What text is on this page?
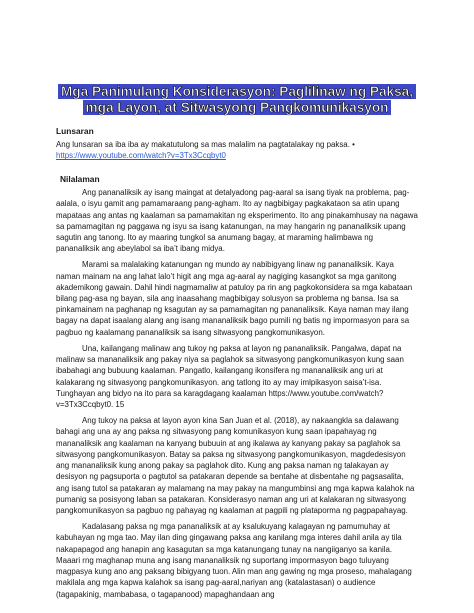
Mga Panimulang Konsiderasyon: Paglilinaw ng Paksa, mga Layon, at Sitwasyong Pangkomunikasyon
Lunsaran

Ang lunsaran sa iba iba ay makatutulong sa mas malalim na pagtatalakay ng paksa. •

https://www.youtube.com/watch?v=3Tx3Ccqbyt0
Nilalaman

Ang pananaliksik ay isang maingat at detalyadong pag-aaral sa isang tiyak na problema, pag-aalala, o isyu gamit ang pamamaraang pang-agham. Ito ay nagbibigay pagkakataon sa atin upang mapataas ang antas ng kaalaman sa pamamakitan ng eksperimento. Ito ang pinakamhusay na nagawa sa pamamagitan ng paggawa ng isyu sa isang katanungan, na may hangarin ng pananaliksik upang sagutin ang tanong. Ito ay maaring tungkol sa anumang bagay, at maraming halimbawa ng pananaliksik ang abeylabol sa iba’t ibang midya.

Marami sa malalaking katanungan ng mundo ay nabibigyang linaw ng pananaliksik. Kaya naman mainam na ang lahat lalo’t higit ang mga ag-aaral ay nagiging kasangkot sa mga ganitong akademikong gawain. Dahil hindi nagmamaliw at patuloy pa rin ang pagkokonsidera sa mga kabataan bilang pag-asa ng bayan, sila ang inaasahang magbibigay solusyon sa problema ng bansa. Isa sa pinkamainam na paghanap ng ksagutan ay sa pamamagitan ng pananaliksik. Kaya naman may ilang bagay na dapat isaalang alang ang isang mananaliksik bago pumili ng batis ng impormasyon para sa pagbuo ng kaalamang pananaliksik sa isang sitwasyong pangkomunikasyon.

Una, kailangang malinaw ang tukoy ng paksa at layon ng pananaliksik. Pangalwa, dapat na malinaw sa mananaliksik ang pakay niya sa paglahok sa sitwasyong pangkomunikasyon kung saan ibabahagi ang bubuung kaalaman. Pangatlo, kailangang ikonsifera ng mananaliksik ang uri at kalakarang ng sitwasyong pangkomunikasyon. ang tatlong ito ay may imlpikasyon saisa’t-isa. Tunghayan ang bidyo na ito para sa karagdagang kaalaman https://www.youtube.com/watch?v=3Tx3Ccqbyt0. 15

Ang tukoy na paksa at layon ayon kina San Juan et al. (2018), ay nakaangkla sa dalawang bahagi ang una ay ang paksa ng sitwasyong pang komunikasyon kung saan ipapahayag ng mananaliksik ang kaalaman na kanyang bubuuin at ang ikalawa ay kanyang pakay sa paglahok sa sitwasyong pangkomunikasyon. Batay sa paksa ng sitwasyong pangkomunikasyon, magdedesisyon ang mananaliksik kung anong pakay sa paglahok dito. Kung ang paksa naman ng talakayan ay desisyon ng pagsuporta o pagtutol sa patakaran depende sa bentahe at disbentahe ng pagsasalita, ang isang tutol sa patakaran ay malamang na may pakay na mangumbinsi ang mga kapwa kalahok na pumanig sa posisyong laban sa patakaran. Konsiderasyo naman ang uri at kalakaran ng sitwasyong pangkomunikasyon sa pagbuo ng pahayag ng kaalaman at pagpili ng plataporma ng pagpapahayag.

Kadalasang paksa ng mga pananaliksik at ay ksalukuyang kalagayan ng pamumuhay at kabuhayan ng mga tao. May ilan ding gingawang paksa ang kanilang mga interes dahil anila ay tila nakapapagod ang hanapin ang kasagutan sa mga katanungang tunay na nangiiganyo sa kanila. Maaari rng maghanap muna ang isang mananaliksik ng suportang impormasyon bago tuluyang magpasya kung ano ang paksang bibigyang tuon. Alin man ang gawing ng mga proseso, mahalagang makilala ang mga kapwa kalahok sa isang pag-aaral,nariyan ang (katalastasan) o audience (tagapakinig, mambabasa, o tagapanood) mapaghandaan ang
